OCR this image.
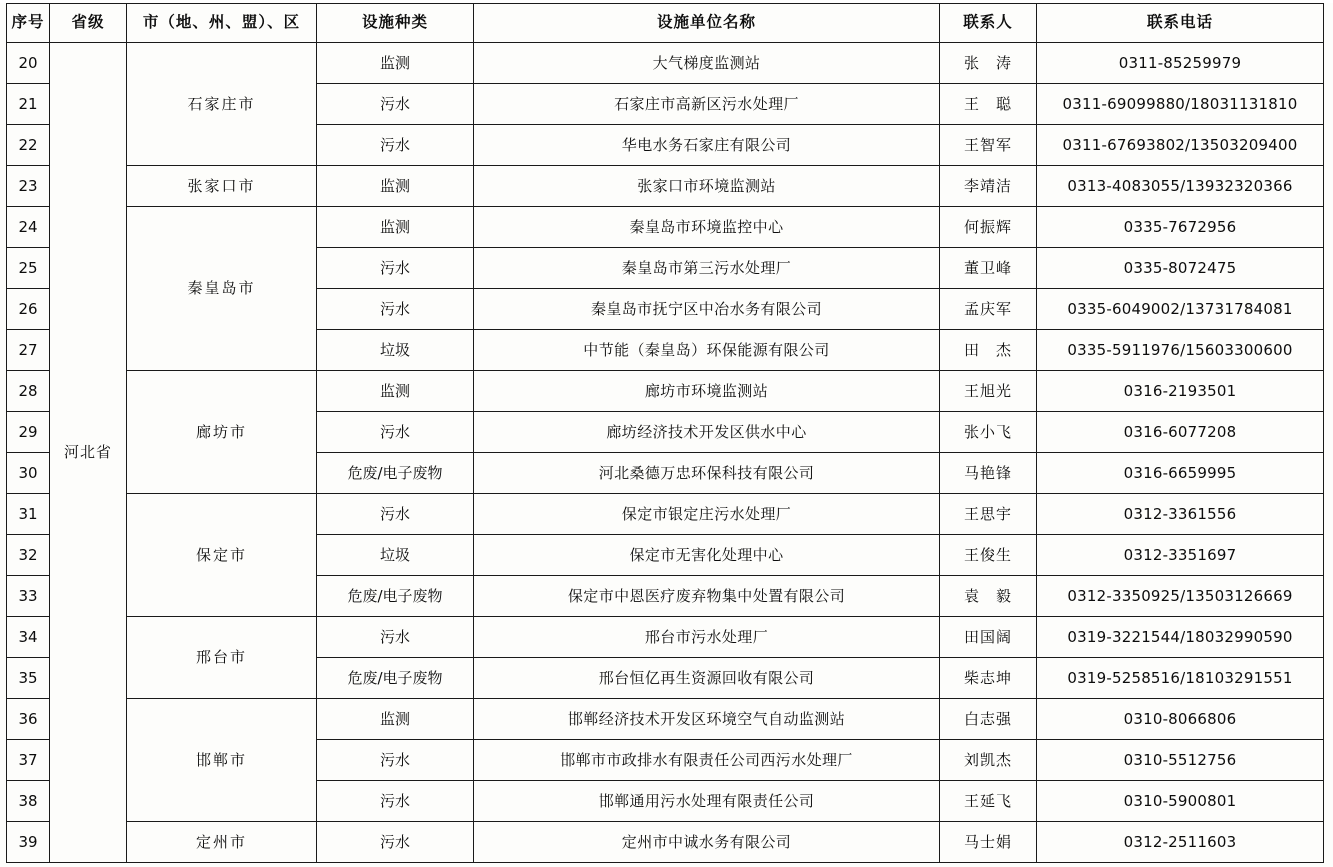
序号	省级	市（地、州、盟）、区	设施种类	设施单位名称	联系人	联系电话
20	河北省	石家庄市	监测	大气梯度监测站	张　涛	0311-85259979
21			污水	石家庄市高新区污水处理厂	王　聪	0311-69099880/18031131810
22			污水	华电水务石家庄有限公司	王智军	0311-67693802/13503209400
23		张家口市	监测	张家口市环境监测站	李靖洁	0313-4083055/13932320366
24		秦皇岛市	监测	秦皇岛市环境监控中心	何振辉	0335-7672956
25			污水	秦皇岛市第三污水处理厂	董卫峰	0335-8072475
26			污水	秦皇岛市抚宁区中冶水务有限公司	孟庆军	0335-6049002/13731784081
27			垃圾	中节能（秦皇岛）环保能源有限公司	田　杰	0335-5911976/15603300600
28		廊坊市	监测	廊坊市环境监测站	王旭光	0316-2193501
29			污水	廊坊经济技术开发区供水中心	张小飞	0316-6077208
30			危废/电子废物	河北桑德万忠环保科技有限公司	马艳锋	0316-6659995
31		保定市	污水	保定市银定庄污水处理厂	王思宇	0312-3361556
32			垃圾	保定市无害化处理中心	王俊生	0312-3351697
33			危废/电子废物	保定市中恩医疗废弃物集中处置有限公司	袁　毅	0312-3350925/13503126669
34		邢台市	污水	邢台市污水处理厂	田国阔	0319-3221544/18032990590
35			危废/电子废物	邢台恒亿再生资源回收有限公司	柴志坤	0319-5258516/18103291551
36		邯郸市	监测	邯郸经济技术开发区环境空气自动监测站	白志强	0310-8066806
37			污水	邯郸市市政排水有限责任公司西污水处理厂	刘凯杰	0310-5512756
38			污水	邯郸通用污水处理有限责任公司	王延飞	0310-5900801
39		定州市	污水	定州市中诚水务有限公司	马士娟	0312-2511603
